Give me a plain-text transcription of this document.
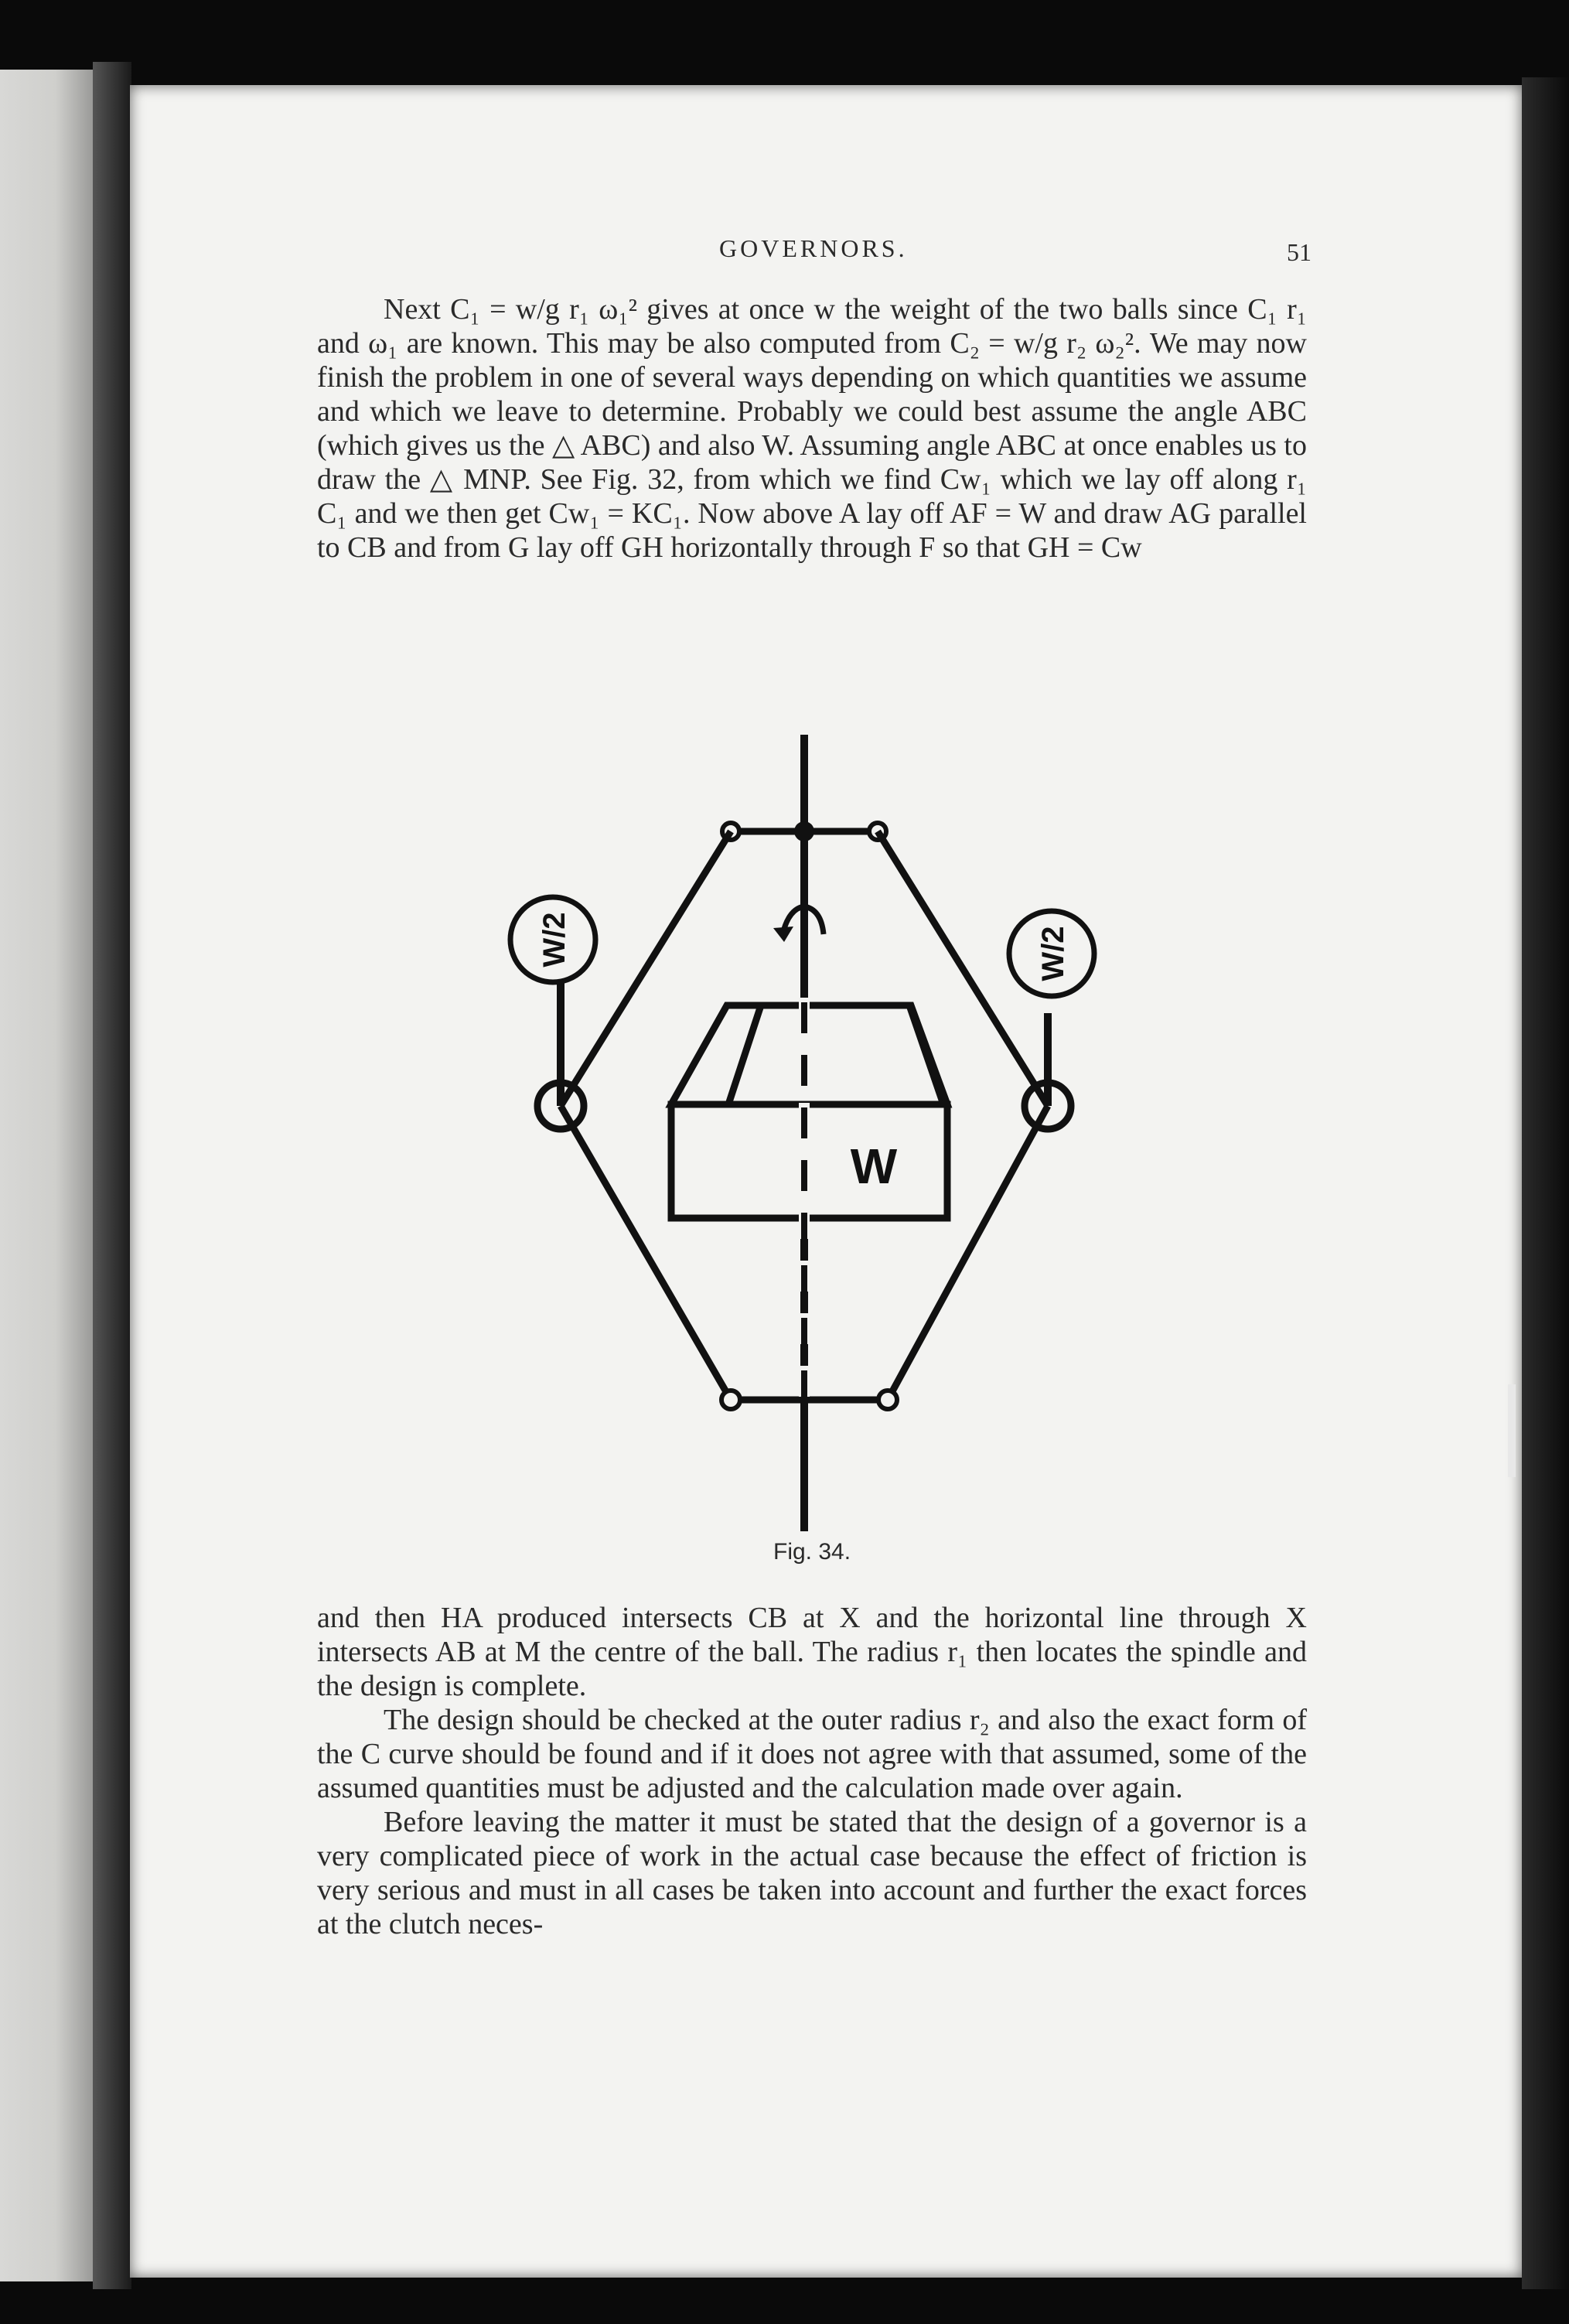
GOVERNORS.	51

Next C₁ = w/g r₁ ω₁² gives at once w the weight of the two balls since C₁ r₁ and ω₁ are known. This may be also computed from C₂ = w/g r₂ ω₂². We may now finish the problem in one of several ways depending on which quantities we assume and which we leave to determine. Probably we could best assume the angle ABC (which gives us the △ ABC) and also W. Assuming angle ABC at once enables us to draw the △ MNP. See Fig. 32, from which we find Cw₁ which we lay off along r₁ C₁ and we then get Cw₁ = KC₁. Now above A lay off AF = W and draw AG parallel to CB and from G lay off GH horizontally through F so that GH = Cw

W/2	W/2
W
Fig. 34.

and then HA produced intersects CB at X and the horizontal line through X intersects AB at M the centre of the ball. The radius r₁ then locates the spindle and the design is complete.

The design should be checked at the outer radius r₂ and also the exact form of the C curve should be found and if it does not agree with that assumed, some of the assumed quantities must be adjusted and the calculation made over again.

Before leaving the matter it must be stated that the design of a governor is a very complicated piece of work in the actual case because the effect of friction is very serious and must in all cases be taken into account and further the exact forces at the clutch neces-
